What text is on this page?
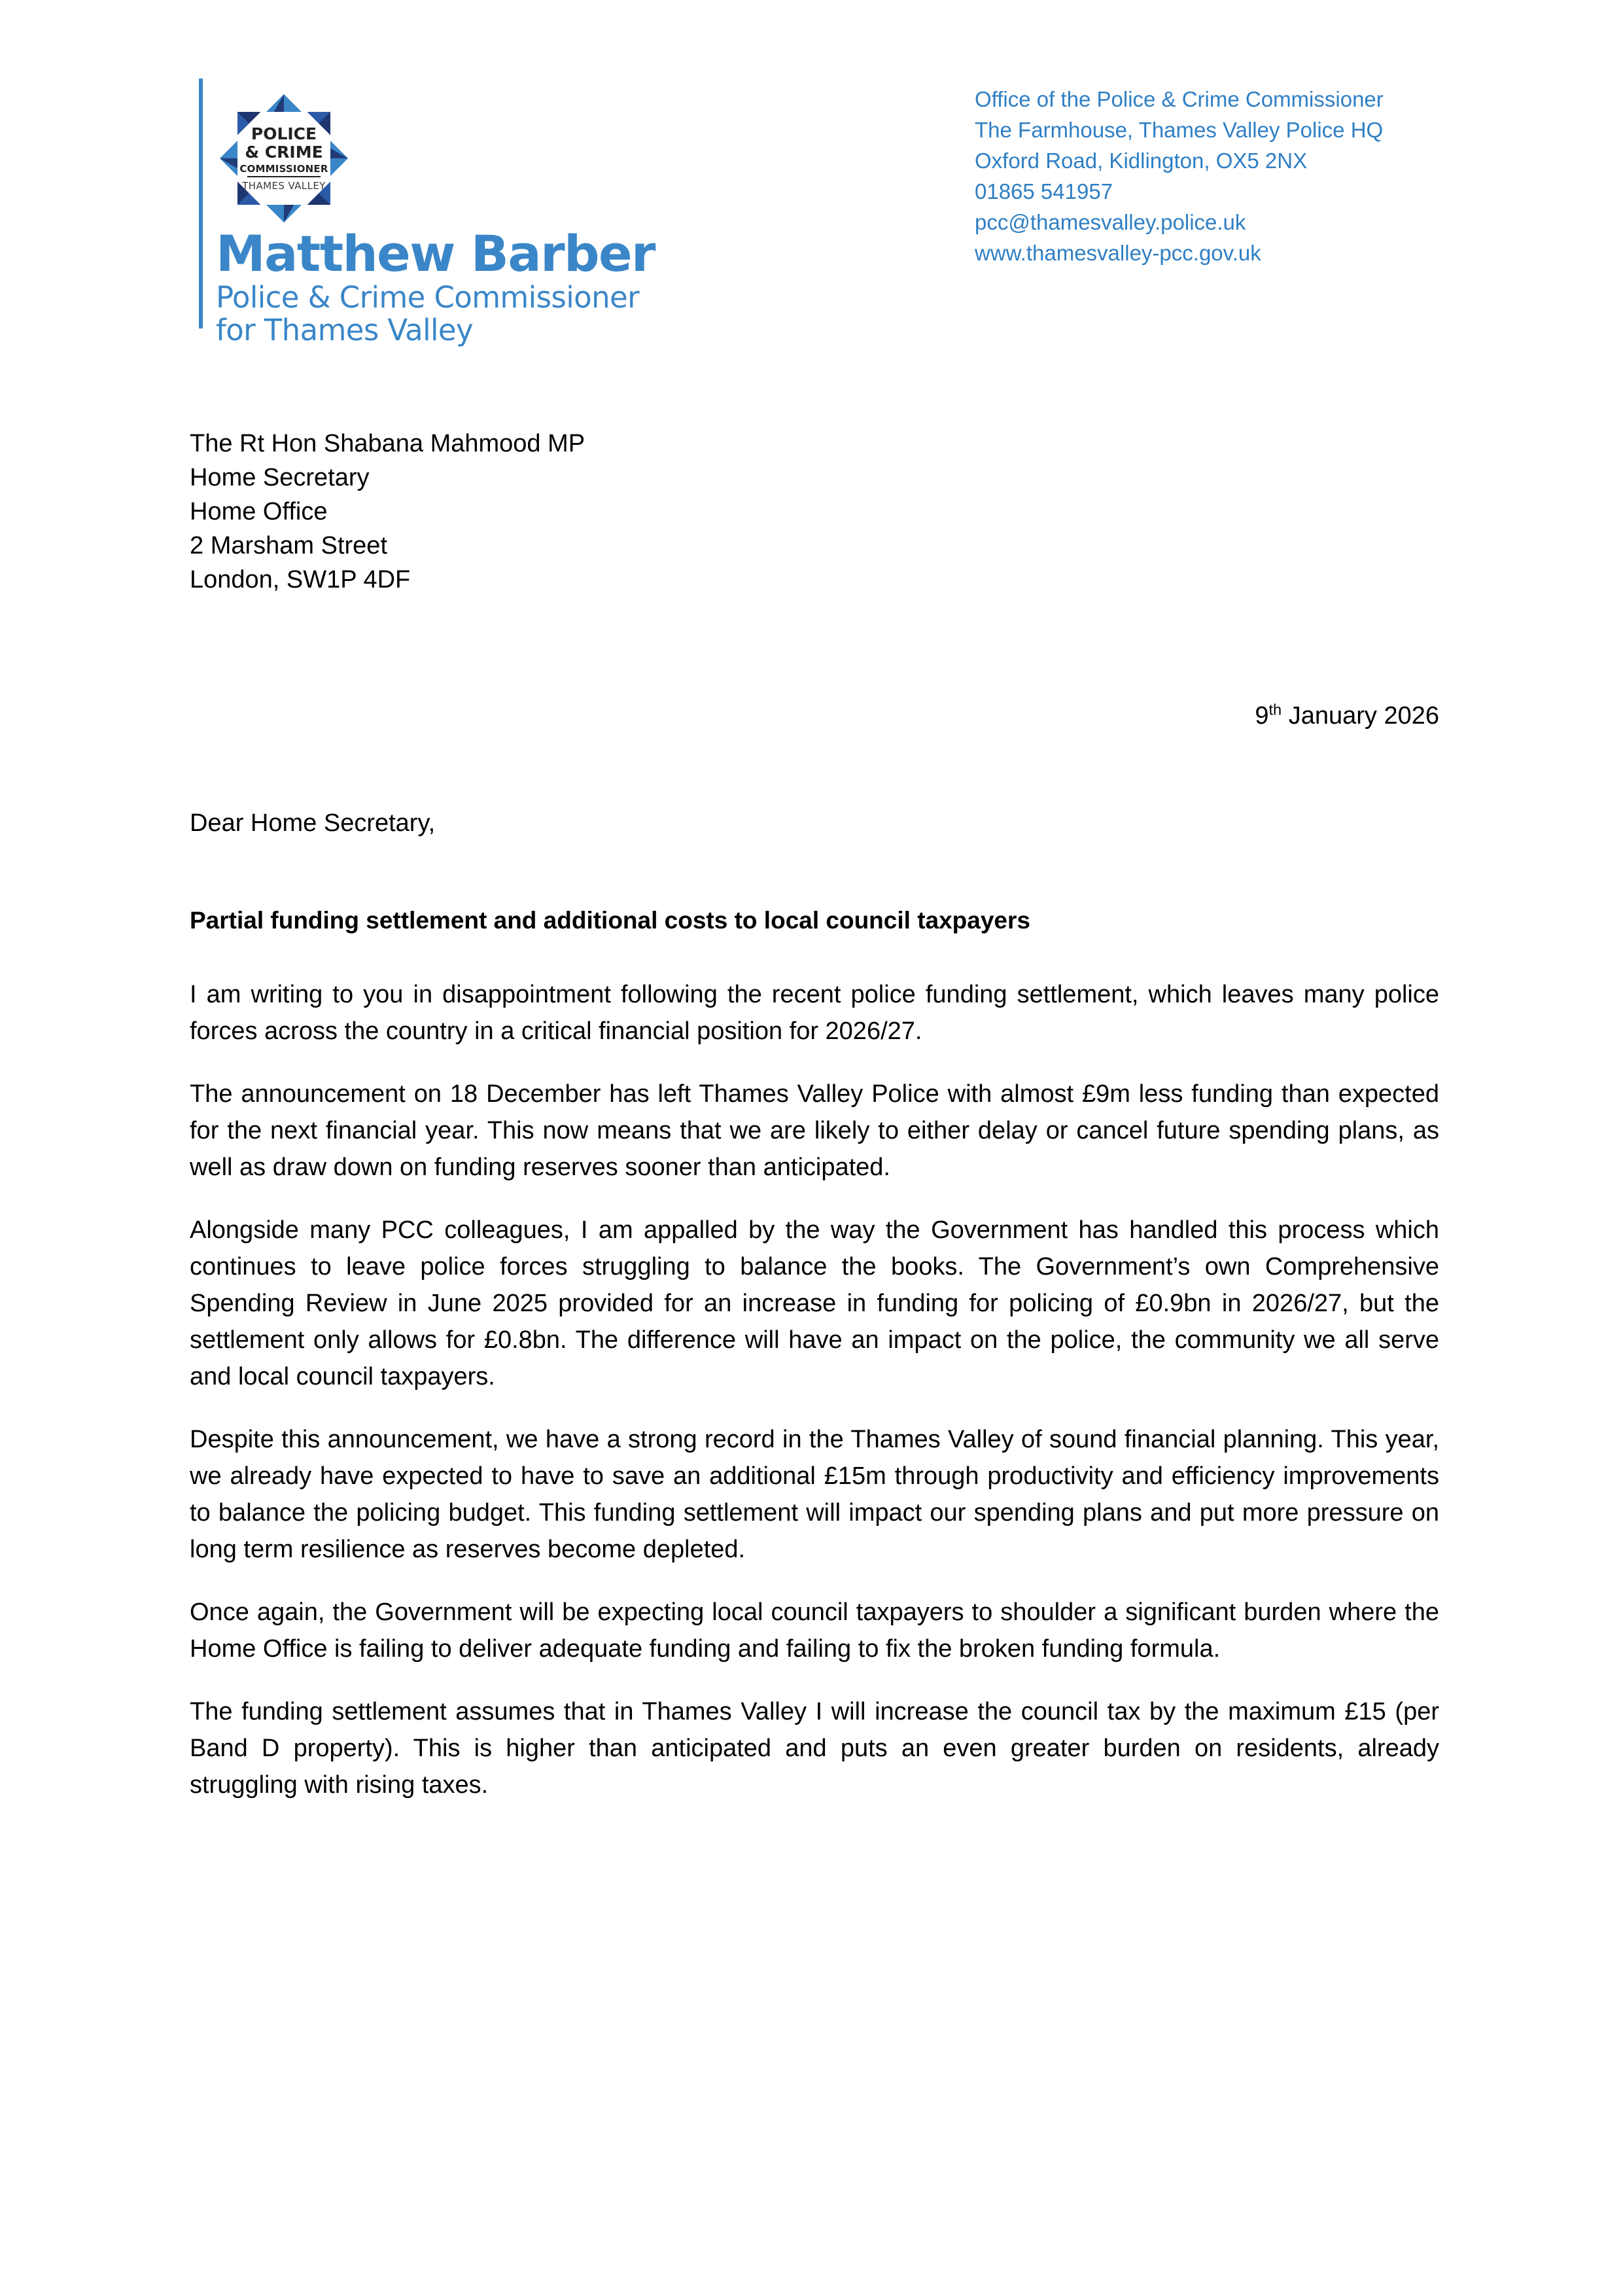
POLICE
& CRIME
COMMISSIONER
THAMES VALLEY
Matthew Barber
Police & Crime Commissioner
for Thames Valley
Office of the Police & Crime Commissioner
The Farmhouse, Thames Valley Police HQ
Oxford Road, Kidlington, OX5 2NX
01865 541957
pcc@thamesvalley.police.uk
www.thamesvalley-pcc.gov.uk
The Rt Hon Shabana Mahmood MP
Home Secretary
Home Office
2 Marsham Street
London, SW1P 4DF
9th January 2026
Dear Home Secretary,
Partial funding settlement and additional costs to local council taxpayers

I am writing to you in disappointment following the recent police funding settlement, which leaves many police forces across the country in a critical financial position for 2026/27.

The announcement on 18 December has left Thames Valley Police with almost £9m less funding than expected for the next financial year. This now means that we are likely to either delay or cancel future spending plans, as well as draw down on funding reserves sooner than anticipated.

Alongside many PCC colleagues, I am appalled by the way the Government has handled this process which continues to leave police forces struggling to balance the books. The Government’s own Comprehensive Spending Review in June 2025 provided for an increase in funding for policing of £0.9bn in 2026/27, but the settlement only allows for £0.8bn. The difference will have an impact on the police, the community we all serve and local council taxpayers.

Despite this announcement, we have a strong record in the Thames Valley of sound financial planning. This year, we already have expected to have to save an additional £15m through productivity and efficiency improvements to balance the policing budget. This funding settlement will impact our spending plans and put more pressure on long term resilience as reserves become depleted.

Once again, the Government will be expecting local council taxpayers to shoulder a significant burden where the Home Office is failing to deliver adequate funding and failing to fix the broken funding formula.

The funding settlement assumes that in Thames Valley I will increase the council tax by the maximum £15 (per Band D property). This is higher than anticipated and puts an even greater burden on residents, already struggling with rising taxes.
